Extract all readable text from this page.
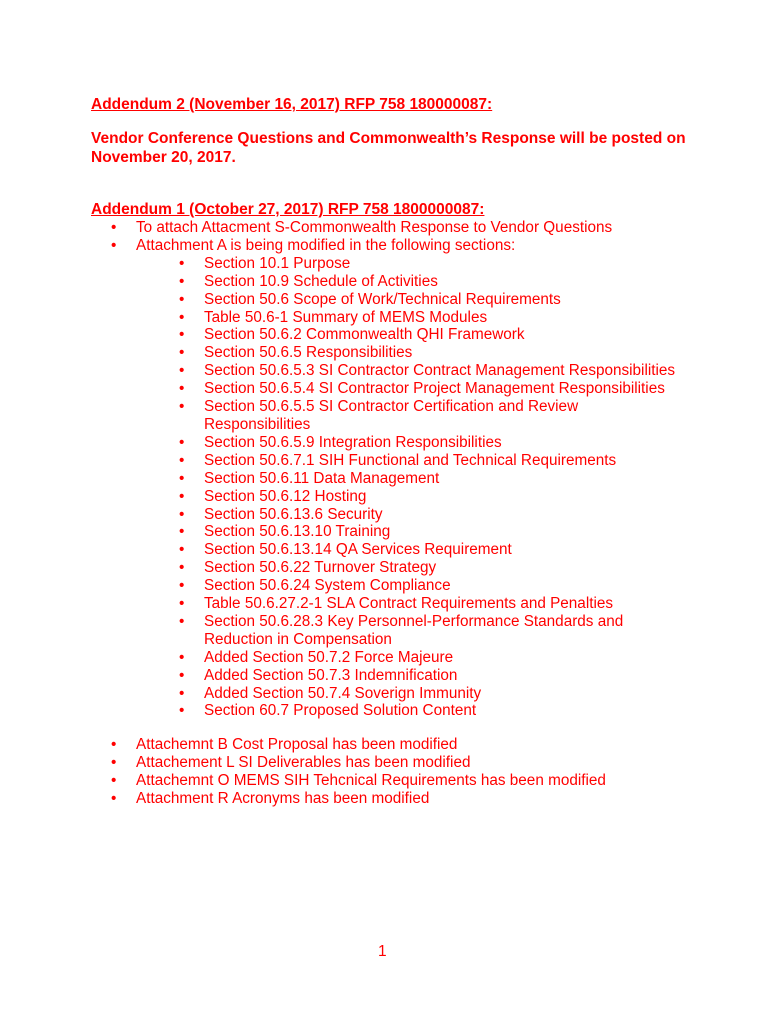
Addendum 2 (November 16, 2017) RFP 758 180000087:
Vendor Conference Questions and Commonwealth’s Response will be posted on November 20, 2017.
Addendum 1 (October 27, 2017) RFP 758 1800000087:
• To attach Attacment S-Commonwealth Response to Vendor Questions
• Attachment A is being modified in the following sections:
• Section 10.1 Purpose
• Section 10.9 Schedule of Activities
• Section 50.6 Scope of Work/Technical Requirements
• Table 50.6-1 Summary of MEMS Modules
• Section 50.6.2 Commonwealth QHI Framework
• Section 50.6.5 Responsibilities
• Section 50.6.5.3 SI Contractor Contract Management Responsibilities
• Section 50.6.5.4 SI Contractor Project Management Responsibilities
• Section 50.6.5.5 SI Contractor Certification and Review Responsibilities
• Section 50.6.5.9 Integration Responsibilities
• Section 50.6.7.1 SIH Functional and Technical Requirements
• Section 50.6.11 Data Management
• Section 50.6.12 Hosting
• Section 50.6.13.6 Security
• Section 50.6.13.10 Training
• Section 50.6.13.14 QA Services Requirement
• Section 50.6.22 Turnover Strategy
• Section 50.6.24 System Compliance
• Table 50.6.27.2-1 SLA Contract Requirements and Penalties
• Section 50.6.28.3 Key Personnel-Performance Standards and Reduction in Compensation
• Added Section 50.7.2 Force Majeure
• Added Section 50.7.3 Indemnification
• Added Section 50.7.4 Soverign Immunity
• Section 60.7 Proposed Solution Content
• Attachemnt B Cost Proposal has been modified
• Attachement L SI Deliverables has been modified
• Attachemnt O MEMS SIH Tehcnical Requirements has been modified
• Attachment R Acronyms has been modified
1
